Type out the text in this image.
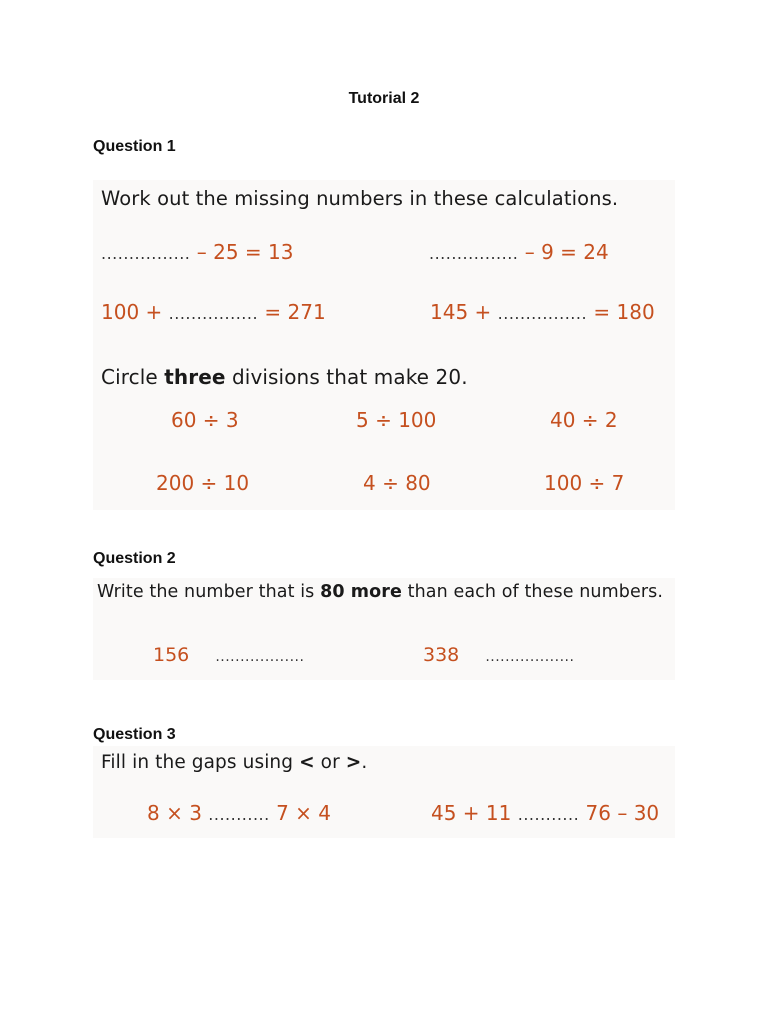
Tutorial 2
Question 1
Work out the missing numbers in these calculations.
................ – 25 = 13	................ – 9 = 24
100 + ................ = 271	145 + ................ = 180
Circle three divisions that make 20.
60 ÷ 3	5 ÷ 100	40 ÷ 2
200 ÷ 10	4 ÷ 80	100 ÷ 7
Question 2
Write the number that is 80 more than each of these numbers.
156 ..................	338 ..................
Question 3
Fill in the gaps using < or >.
8 × 3 ........... 7 × 4	45 + 11 ........... 76 – 30
